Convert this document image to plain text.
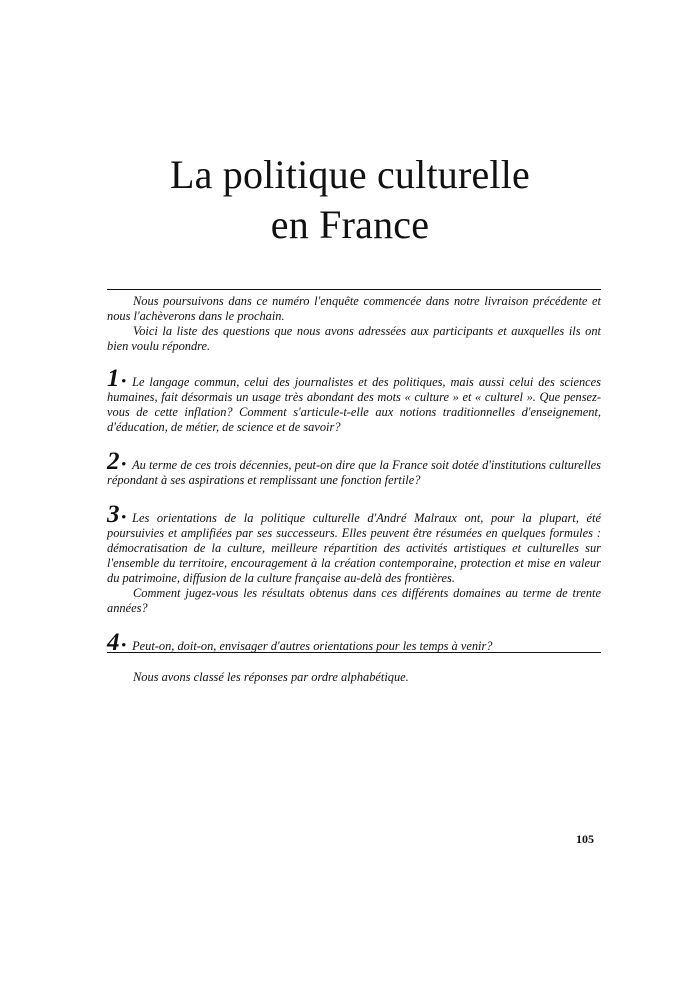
La politique culturelle
en France

Nous poursuivons dans ce numéro l'enquête commencée dans notre livraison précédente et nous l'achèverons dans le prochain.

Voici la liste des questions que nous avons adressées aux participants et auxquelles ils ont bien voulu répondre.

1 • Le langage commun, celui des journalistes et des politiques, mais aussi celui des sciences humaines, fait désormais un usage très abondant des mots « culture » et « culturel ». Que pensez-vous de cette inflation? Comment s'articule-t-elle aux notions traditionnelles d'enseignement, d'éducation, de métier, de science et de savoir?

2 • Au terme de ces trois décennies, peut-on dire que la France soit dotée d'institutions culturelles répondant à ses aspirations et remplissant une fonction fertile?

3 • Les orientations de la politique culturelle d'André Malraux ont, pour la plupart, été poursuivies et amplifiées par ses successeurs. Elles peuvent être résumées en quelques formules : démocratisation de la culture, meilleure répartition des activités artistiques et culturelles sur l'ensemble du territoire, encouragement à la création contemporaine, protection et mise en valeur du patrimoine, diffusion de la culture française au-delà des frontières.

Comment jugez-vous les résultats obtenus dans ces différents domaines au terme de trente années?

4 • Peut-on, doit-on, envisager d'autres orientations pour les temps à venir?

Nous avons classé les réponses par ordre alphabétique.

105
